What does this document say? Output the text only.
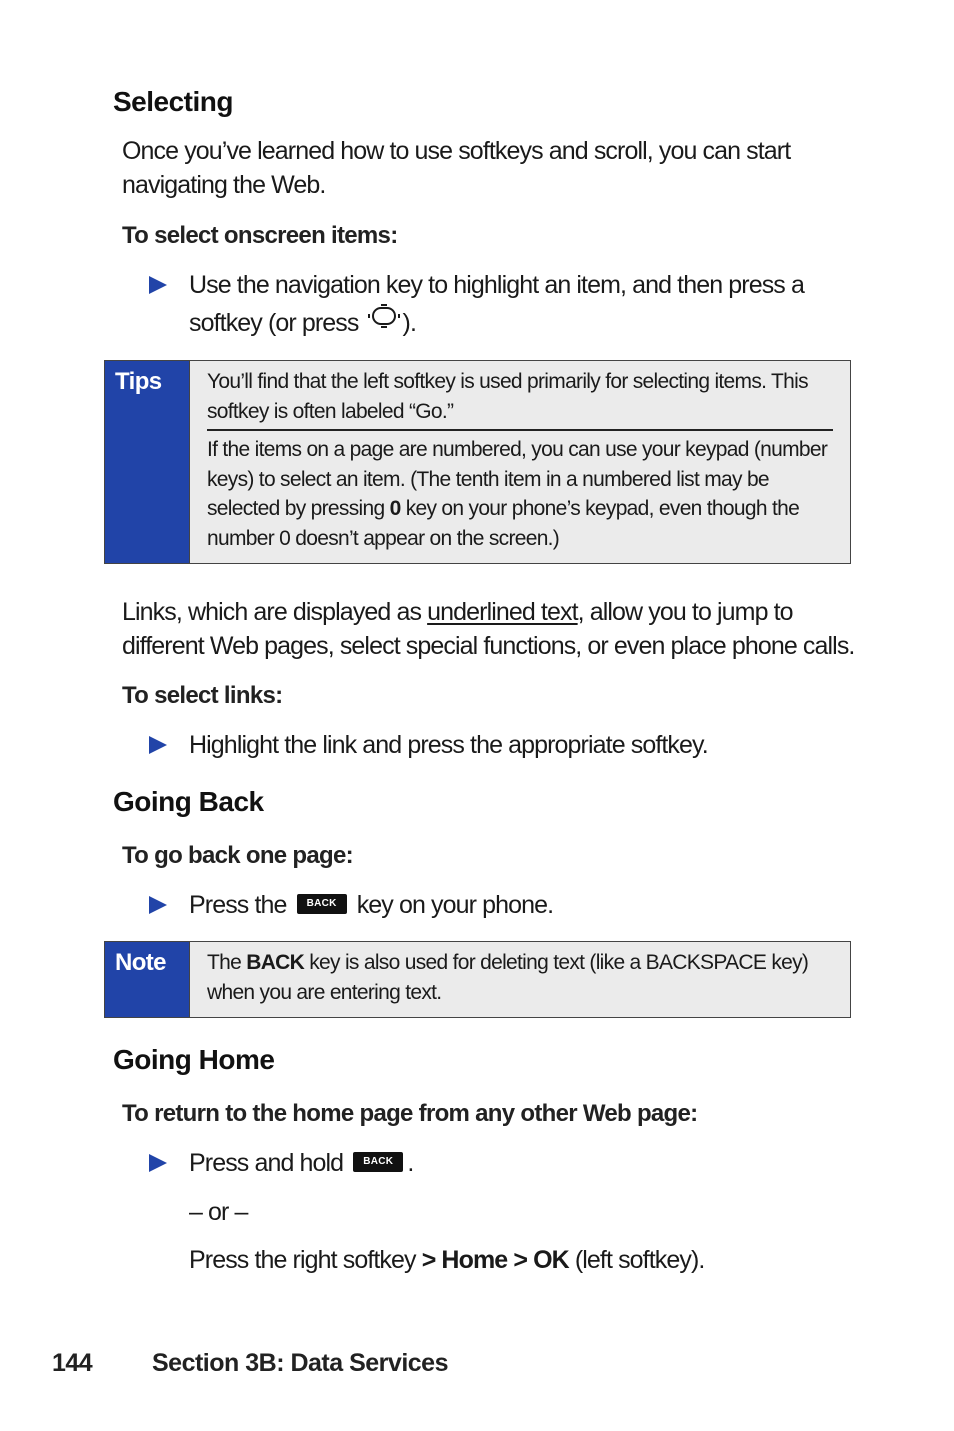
Selecting
Once you’ve learned how to use softkeys and scroll, you can start navigating the Web.
To select onscreen items:
Use the navigation key to highlight an item, and then press a softkey (or press ).
Tips	You’ll find that the left softkey is used primarily for selecting items. This softkey is often labeled “Go.”
If the items on a page are numbered, you can use your keypad (number keys) to select an item. (The tenth item in a numbered list may be selected by pressing 0 key on your phone’s keypad, even though the number 0 doesn’t appear on the screen.)
Links, which are displayed as underlined text, allow you to jump to different Web pages, select special functions, or even place phone calls.
To select links:
Highlight the link and press the appropriate softkey.
Going Back
To go back one page:
Press the BACK key on your phone.
Note	The BACK key is also used for deleting text (like a BACKSPACE key) when you are entering text.
Going Home
To return to the home page from any other Web page:
Press and hold BACK .
– or –
Press the right softkey > Home > OK (left softkey).
144 Section 3B: Data Services
